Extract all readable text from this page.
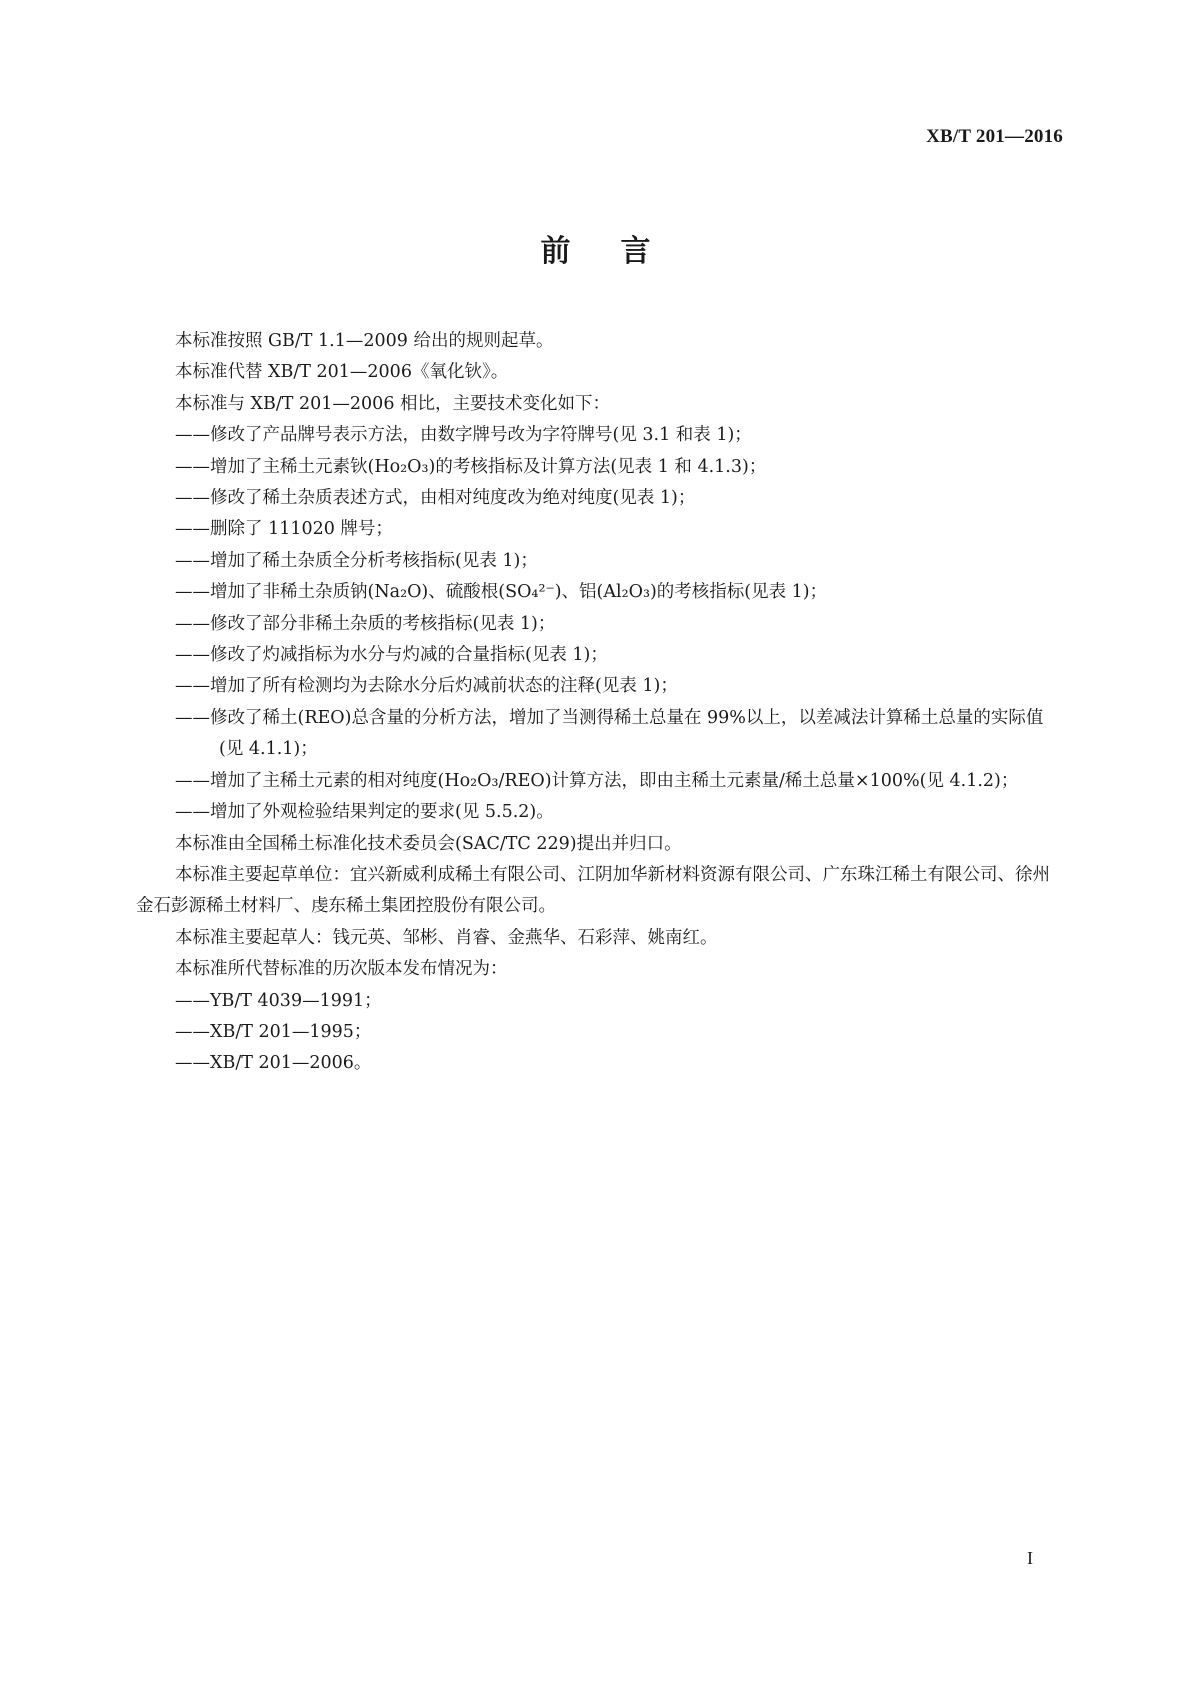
XB/T 201—2016
前 言

本标准按照 GB/T 1.1—2009 给出的规则起草。

本标准代替 XB/T 201—2006《氧化钬》。

本标准与 XB/T 201—2006 相比，主要技术变化如下：

——修改了产品牌号表示方法，由数字牌号改为字符牌号(见 3.1 和表 1)；

——增加了主稀土元素钬(Ho₂O₃)的考核指标及计算方法(见表 1 和 4.1.3)；

——修改了稀土杂质表述方式，由相对纯度改为绝对纯度(见表 1)；

——删除了 111020 牌号；

——增加了稀土杂质全分析考核指标(见表 1)；

——增加了非稀土杂质钠(Na₂O)、硫酸根(SO₄²⁻)、铝(Al₂O₃)的考核指标(见表 1)；

——修改了部分非稀土杂质的考核指标(见表 1)；

——修改了灼减指标为水分与灼减的合量指标(见表 1)；

——增加了所有检测均为去除水分后灼减前状态的注释(见表 1)；

——修改了稀土(REO)总含量的分析方法，增加了当测得稀土总量在 99%以上，以差减法计算稀土总量的实际值(见 4.1.1)；

——增加了主稀土元素的相对纯度(Ho₂O₃/REO)计算方法，即由主稀土元素量/稀土总量×100%(见 4.1.2)；

——增加了外观检验结果判定的要求(见 5.5.2)。

本标准由全国稀土标准化技术委员会(SAC/TC 229)提出并归口。

本标准主要起草单位：宜兴新威利成稀土有限公司、江阴加华新材料资源有限公司、广东珠江稀土有限公司、徐州金石彭源稀土材料厂、虔东稀土集团控股份有限公司。

本标准主要起草人：钱元英、邹彬、肖睿、金燕华、石彩萍、姚南红。

本标准所代替标准的历次版本发布情况为：

——YB/T 4039—1991；

——XB/T 201—1995；

——XB/T 201—2006。

I
